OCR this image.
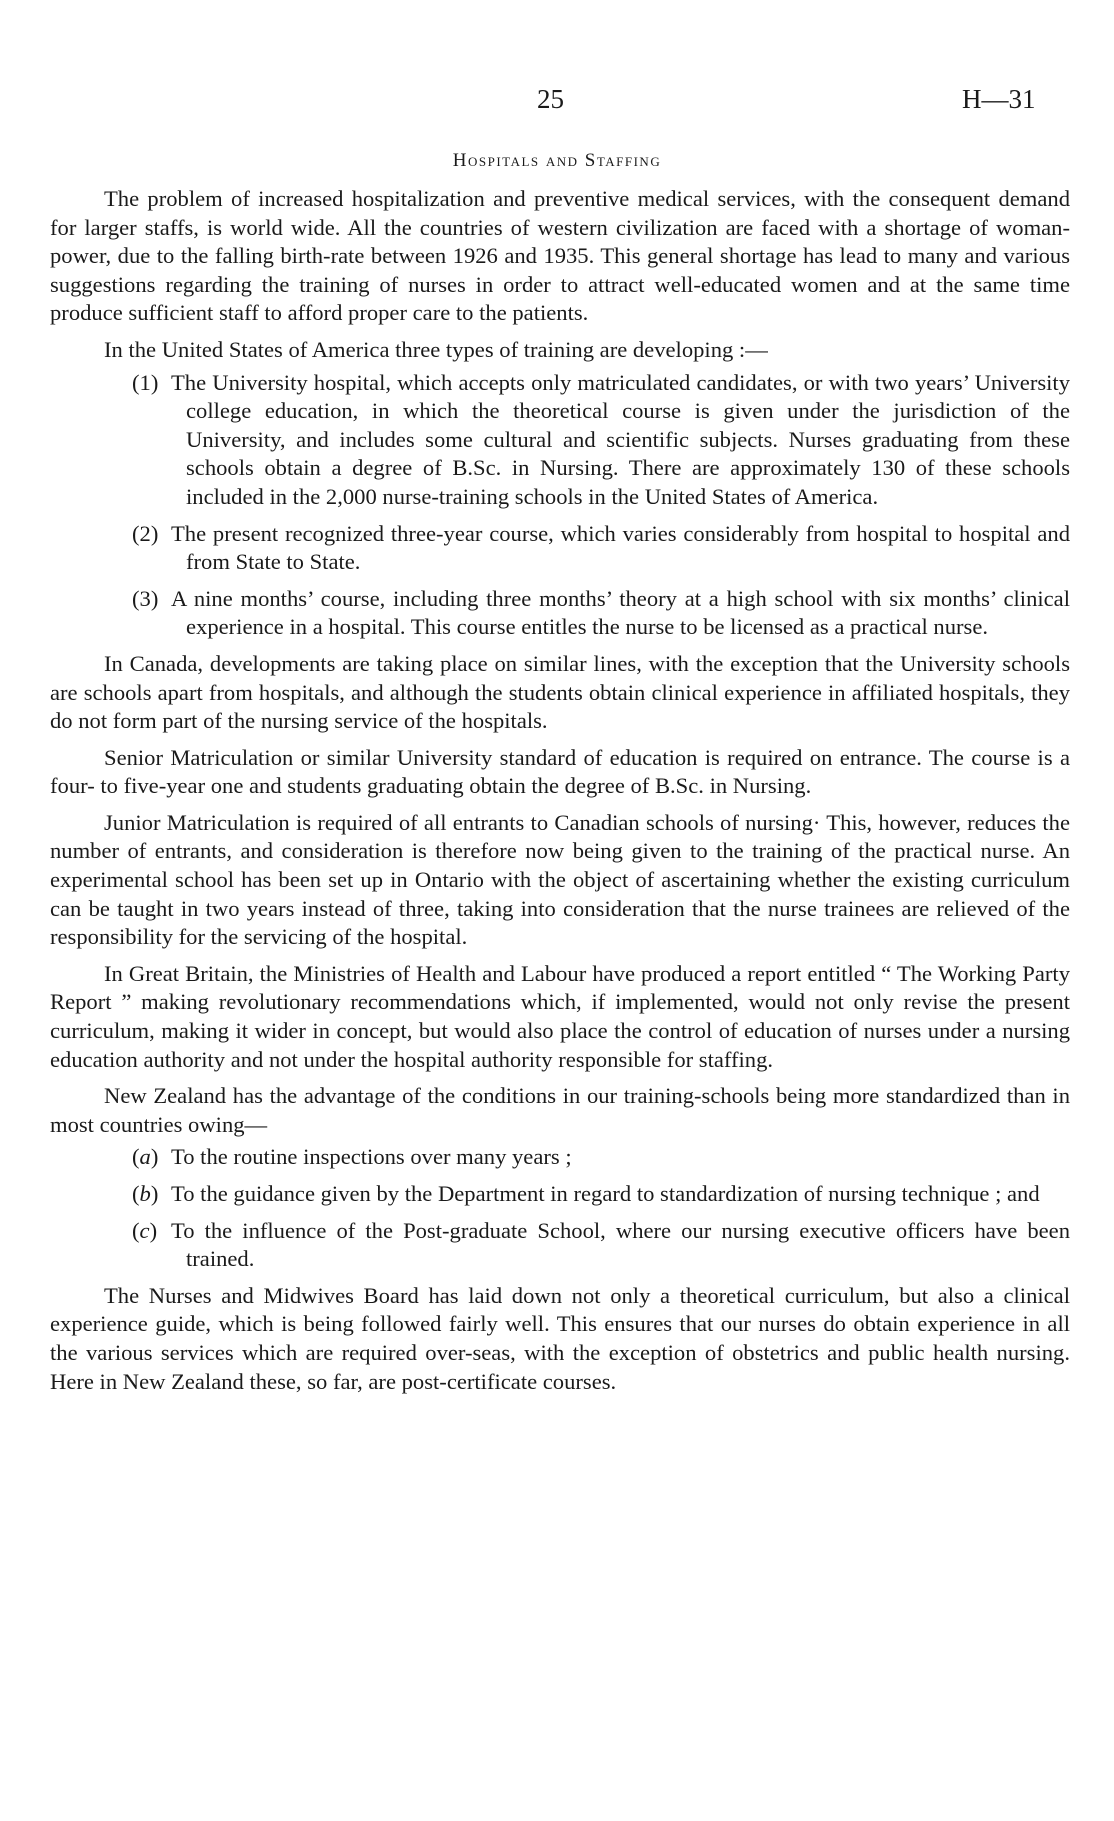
25	H—31
Hospitals and Staffing

The problem of increased hospitalization and preventive medical services, with the consequent demand for larger staffs, is world wide. All the countries of western civilization are faced with a shortage of woman-power, due to the falling birth-rate between 1926 and 1935. This general shortage has lead to many and various suggestions regarding the training of nurses in order to attract well-educated women and at the same time produce sufficient staff to afford proper care to the patients.

In the United States of America three types of training are developing :—

(1) The University hospital, which accepts only matriculated candidates, or with two years’ University college education, in which the theoretical course is given under the jurisdiction of the University, and includes some cultural and scientific subjects. Nurses graduating from these schools obtain a degree of B.Sc. in Nursing. There are approximately 130 of these schools included in the 2,000 nurse-training schools in the United States of America.
(2) The present recognized three-year course, which varies considerably from hospital to hospital and from State to State.
(3) A nine months’ course, including three months’ theory at a high school with six months’ clinical experience in a hospital. This course entitles the nurse to be licensed as a practical nurse.

In Canada, developments are taking place on similar lines, with the exception that the University schools are schools apart from hospitals, and although the students obtain clinical experience in affiliated hospitals, they do not form part of the nursing service of the hospitals.

Senior Matriculation or similar University standard of education is required on entrance. The course is a four- to five-year one and students graduating obtain the degree of B.Sc. in Nursing.

Junior Matriculation is required of all entrants to Canadian schools of nursing· This, however, reduces the number of entrants, and consideration is therefore now being given to the training of the practical nurse. An experimental school has been set up in Ontario with the object of ascertaining whether the existing curriculum can be taught in two years instead of three, taking into consideration that the nurse trainees are relieved of the responsibility for the servicing of the hospital.

In Great Britain, the Ministries of Health and Labour have produced a report entitled “ The Working Party Report ” making revolutionary recommendations which, if implemented, would not only revise the present curriculum, making it wider in concept, but would also place the control of education of nurses under a nursing education authority and not under the hospital authority responsible for staffing.

New Zealand has the advantage of the conditions in our training-schools being more standardized than in most countries owing—

(a) To the routine inspections over many years ;
(b) To the guidance given by the Department in regard to standardization of nursing technique ; and
(c) To the influence of the Post-graduate School, where our nursing executive officers have been trained.

The Nurses and Midwives Board has laid down not only a theoretical curriculum, but also a clinical experience guide, which is being followed fairly well. This ensures that our nurses do obtain experience in all the various services which are required over-seas, with the exception of obstetrics and public health nursing. Here in New Zealand these, so far, are post-certificate courses.
